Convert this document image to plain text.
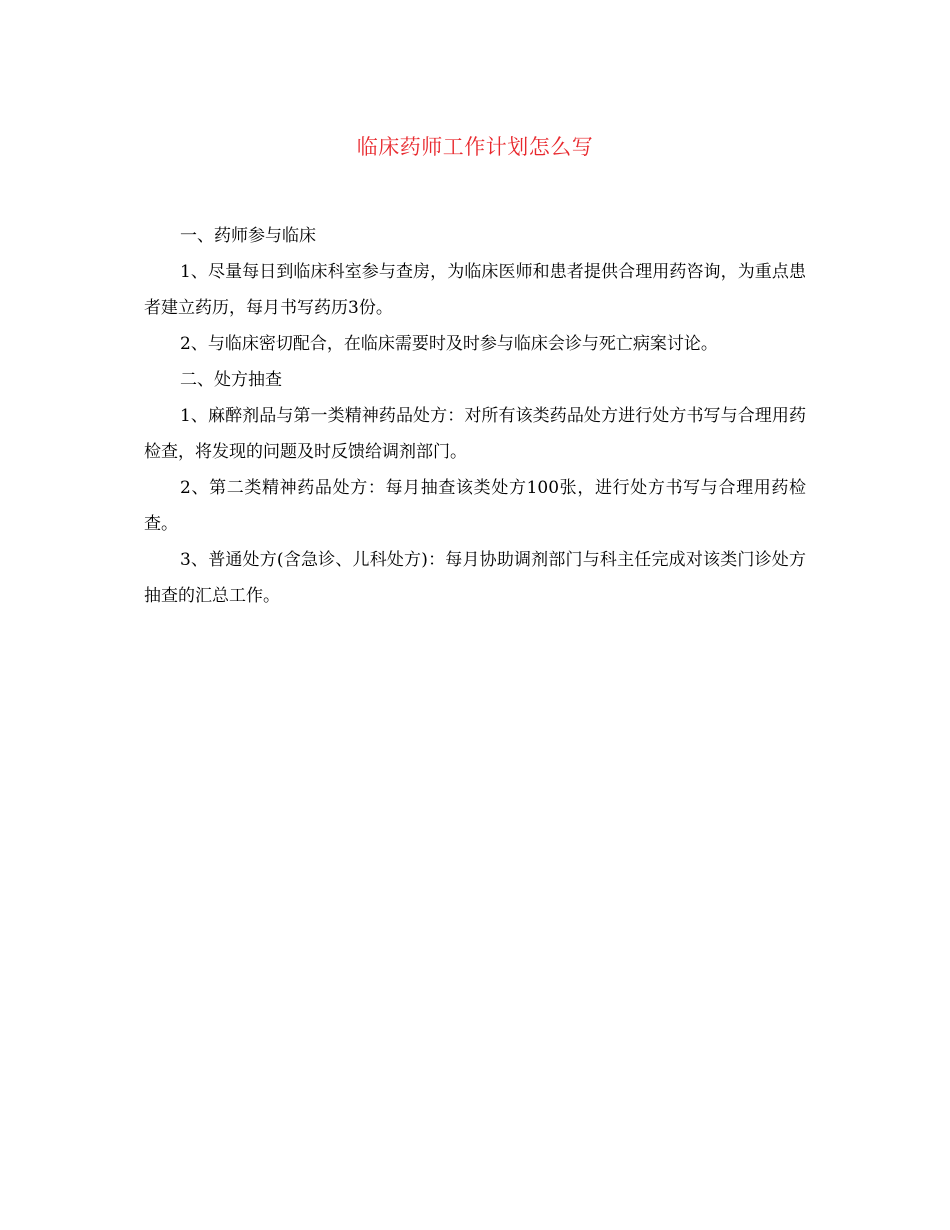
临床药师工作计划怎么写

一、药师参与临床

1、尽量每日到临床科室参与查房，为临床医师和患者提供合理用药咨询，为重点患者建立药历，每月书写药历3份。

2、与临床密切配合，在临床需要时及时参与临床会诊与死亡病案讨论。

二、处方抽查

1、麻醉剂品与第一类精神药品处方：对所有该类药品处方进行处方书写与合理用药检查，将发现的问题及时反馈给调剂部门。

2、第二类精神药品处方：每月抽查该类处方100张，进行处方书写与合理用药检查。

3、普通处方(含急诊、儿科处方)：每月协助调剂部门与科主任完成对该类门诊处方抽查的汇总工作。
